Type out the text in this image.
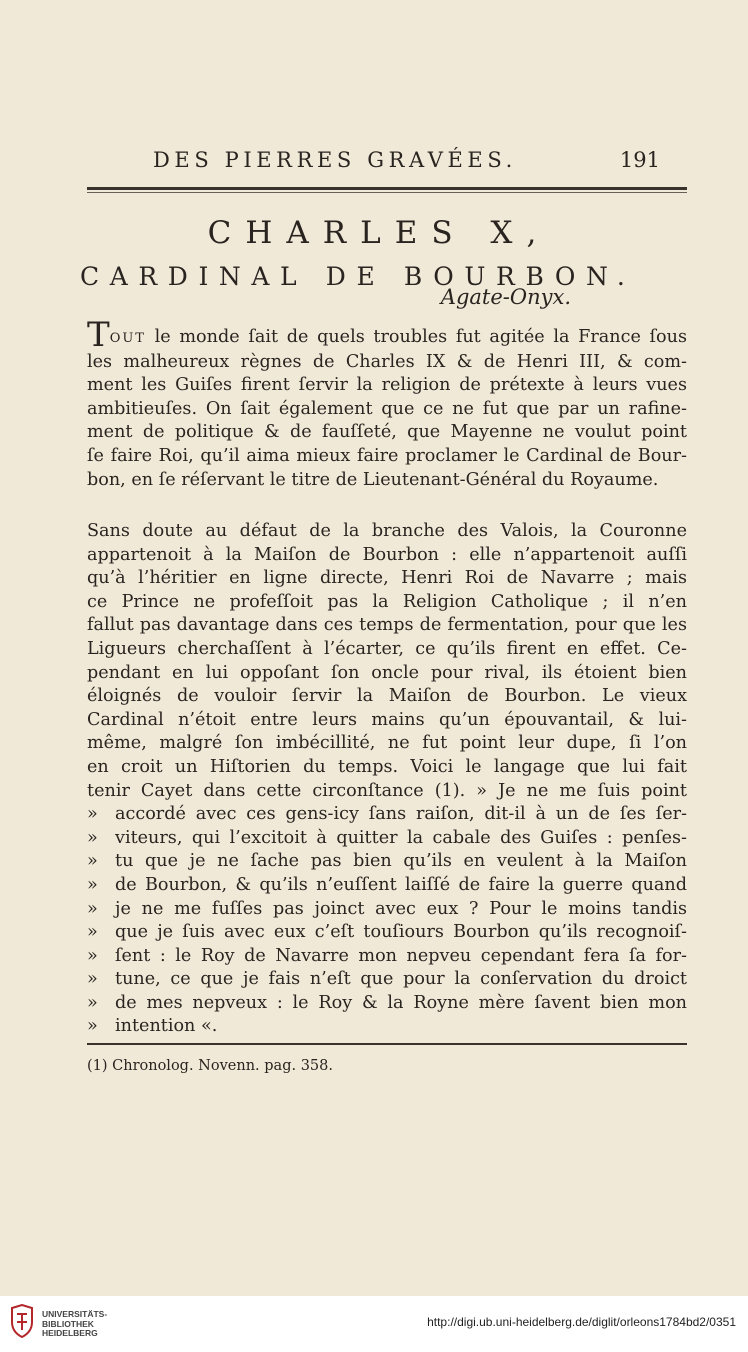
DES PIERRES GRAVÉES.	191
CHARLES X,
CARDINAL DE BOURBON.
Agate-Onyx.
TOUT le monde ſait de quels troubles fut agitée la France ſous
les malheureux règnes de Charles IX & de Henri III, & com-
ment les Guiſes firent ſervir la religion de prétexte à leurs vues
ambitieuſes. On ſait également que ce ne fut que par un rafine-
ment de politique & de fauſſeté, que Mayenne ne voulut point
ſe faire Roi, qu’il aima mieux faire proclamer le Cardinal de Bour-
bon, en ſe réſervant le titre de Lieutenant-Général du Royaume.
Sans doute au défaut de la branche des Valois, la Couronne
appartenoit à la Maiſon de Bourbon : elle n’appartenoit auſſi
qu’à l’héritier en ligne directe, Henri Roi de Navarre ; mais
ce Prince ne profeſſoit pas la Religion Catholique ; il n’en
fallut pas davantage dans ces temps de fermentation, pour que les
Ligueurs cherchaſſent à l’écarter, ce qu’ils firent en effet. Ce-
pendant en lui oppoſant ſon oncle pour rival, ils étoient bien
éloignés de vouloir ſervir la Maiſon de Bourbon. Le vieux
Cardinal n’étoit entre leurs mains qu’un épouvantail, & lui-
même, malgré ſon imbécillité, ne fut point leur dupe, ſi l’on
en croit un Hiſtorien du temps. Voici le langage que lui fait
tenir Cayet dans cette circonſtance (1). » Je ne me ſuis point
» accordé avec ces gens-icy ſans raiſon, dit-il à un de ſes ſer-
» viteurs, qui l’excitoit à quitter la cabale des Guiſes : penſes-
» tu que je ne ſache pas bien qu’ils en veulent à la Maiſon
» de Bourbon, & qu’ils n’euſſent laiſſé de faire la guerre quand
» je ne me fuſſes pas joinct avec eux ? Pour le moins tandis
» que je ſuis avec eux c’eſt touſiours Bourbon qu’ils recognoiſ-
» ſent : le Roy de Navarre mon nepveu cependant fera ſa for-
» tune, ce que je fais n’eſt que pour la conſervation du droict
» de mes nepveux : le Roy & la Royne mère ſavent bien mon
» intention «.
(1) Chronolog. Novenn. pag. 358.
UNIVERSITÄTS-
BIBLIOTHEK
HEIDELBERG
http://digi.ub.uni-heidelberg.de/diglit/orleons1784bd2/0351
